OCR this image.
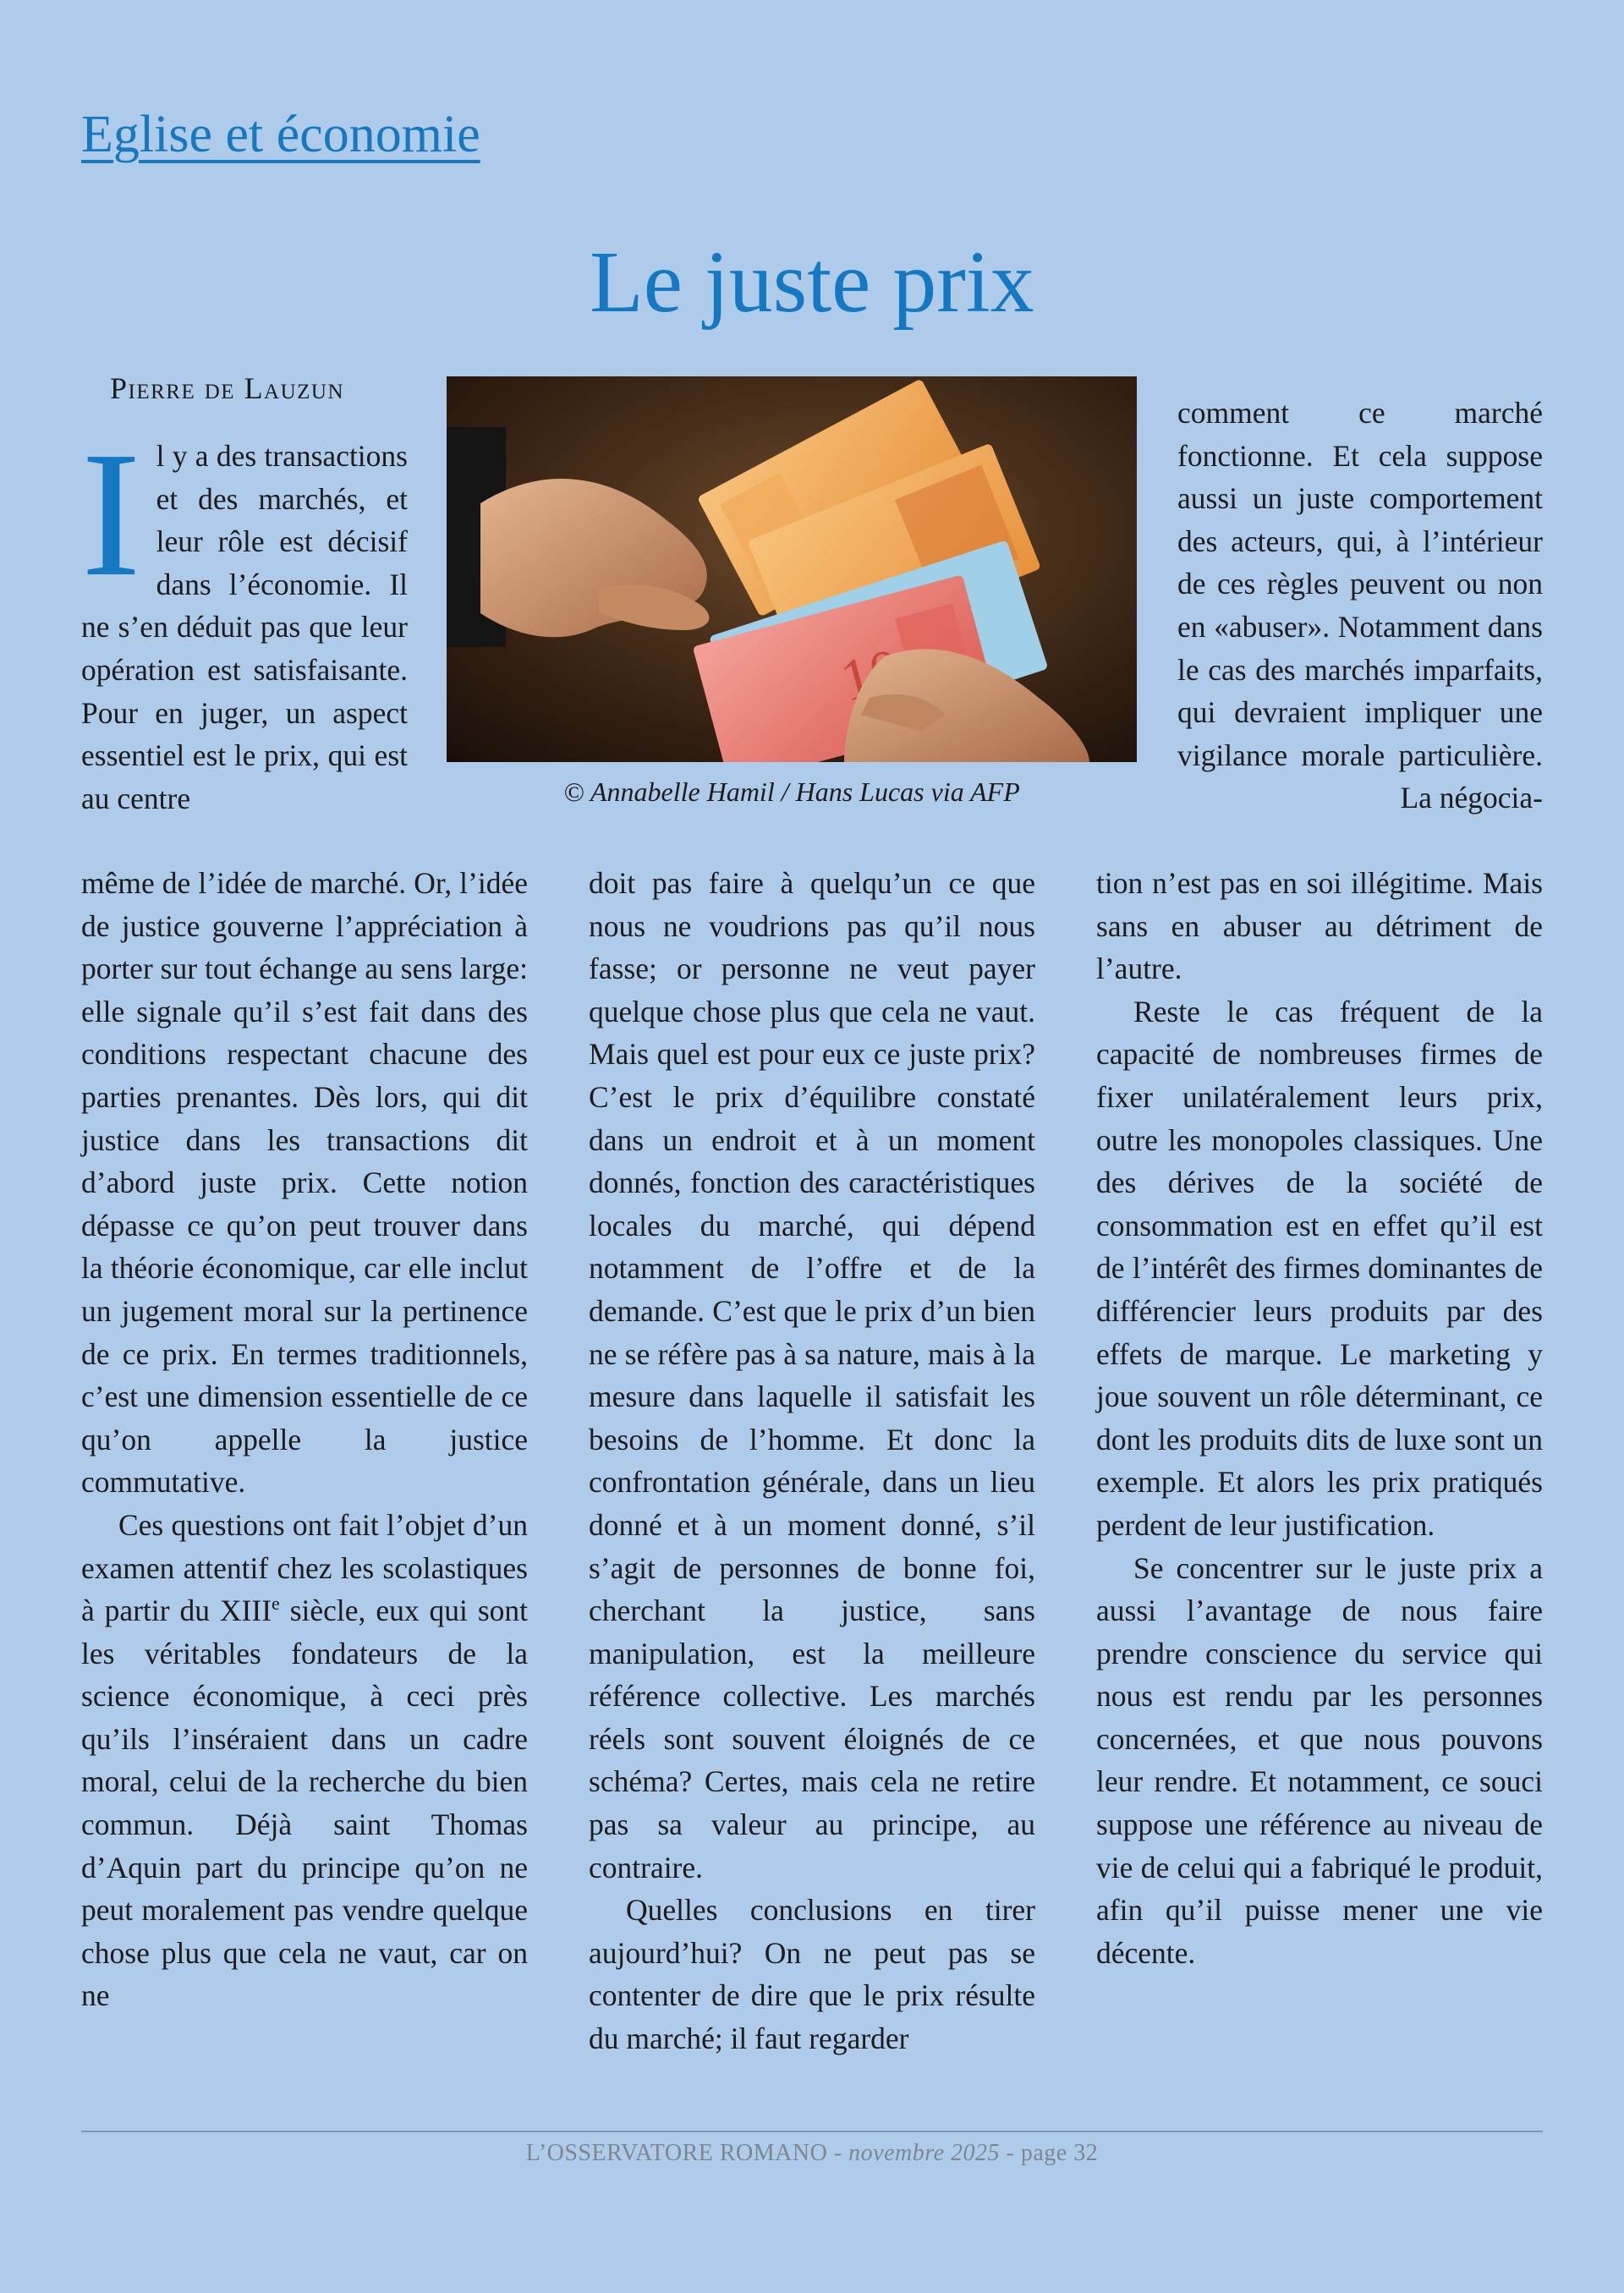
Eglise et économie
Le juste prix
Pierre de Lauzun
© Annabelle Hamil / Hans Lucas via AFP
Il y a des transactions et des marchés, et leur rôle est décisif dans l’économie. Il ne s’en déduit pas que leur opération est satisfaisante. Pour en juger, un aspect essentiel est le prix, qui est au centre

même de l’idée de marché. Or, l’idée de justice gouverne l’appréciation à porter sur tout échange au sens large: elle signale qu’il s’est fait dans des conditions respectant chacune des parties prenantes. Dès lors, qui dit justice dans les transactions dit d’abord juste prix. Cette notion dépasse ce qu’on peut trouver dans la théorie économique, car elle inclut un jugement moral sur la pertinence de ce prix. En termes traditionnels, c’est une dimension essentielle de ce qu’on appelle la justice commutative.

Ces questions ont fait l’objet d’un examen attentif chez les scolastiques à partir du XIIIe siècle, eux qui sont les véritables fondateurs de la science économique, à ceci près qu’ils l’inséraient dans un cadre moral, celui de la recherche du bien commun. Déjà saint Thomas d’Aquin part du principe qu’on ne peut moralement pas vendre quelque chose plus que cela ne vaut, car on ne

doit pas faire à quelqu’un ce que nous ne voudrions pas qu’il nous fasse; or personne ne veut payer quelque chose plus que cela ne vaut. Mais quel est pour eux ce juste prix? C’est le prix d’équilibre constaté dans un endroit et à un moment donnés, fonction des caractéristiques locales du marché, qui dépend notamment de l’offre et de la demande. C’est que le prix d’un bien ne se réfère pas à sa nature, mais à la mesure dans laquelle il satisfait les besoins de l’homme. Et donc la confrontation générale, dans un lieu donné et à un moment donné, s’il s’agit de personnes de bonne foi, cherchant la justice, sans manipulation, est la meilleure référence collective. Les marchés réels sont souvent éloignés de ce schéma? Certes, mais cela ne retire pas sa valeur au principe, au contraire.

Quelles conclusions en tirer aujourd’hui? On ne peut pas se contenter de dire que le prix résulte du marché; il faut regarder

comment ce marché fonctionne. Et cela suppose aussi un juste comportement des acteurs, qui, à l’intérieur de ces règles peuvent ou non en «abuser». Notamment dans le cas des marchés imparfaits, qui devraient impliquer une vigilance morale particulière. La négocia-

tion n’est pas en soi illégitime. Mais sans en abuser au détriment de l’autre.

Reste le cas fréquent de la capacité de nombreuses firmes de fixer unilatéralement leurs prix, outre les monopoles classiques. Une des dérives de la société de consommation est en effet qu’il est de l’intérêt des firmes dominantes de différencier leurs produits par des effets de marque. Le marketing y joue souvent un rôle déterminant, ce dont les produits dits de luxe sont un exemple. Et alors les prix pratiqués perdent de leur justification.

Se concentrer sur le juste prix a aussi l’avantage de nous faire prendre conscience du service qui nous est rendu par les personnes concernées, et que nous pouvons leur rendre. Et notamment, ce souci suppose une référence au niveau de vie de celui qui a fabriqué le produit, afin qu’il puisse mener une vie décente.

L’OSSERVATORE ROMANO - novembre 2025 - page 32
